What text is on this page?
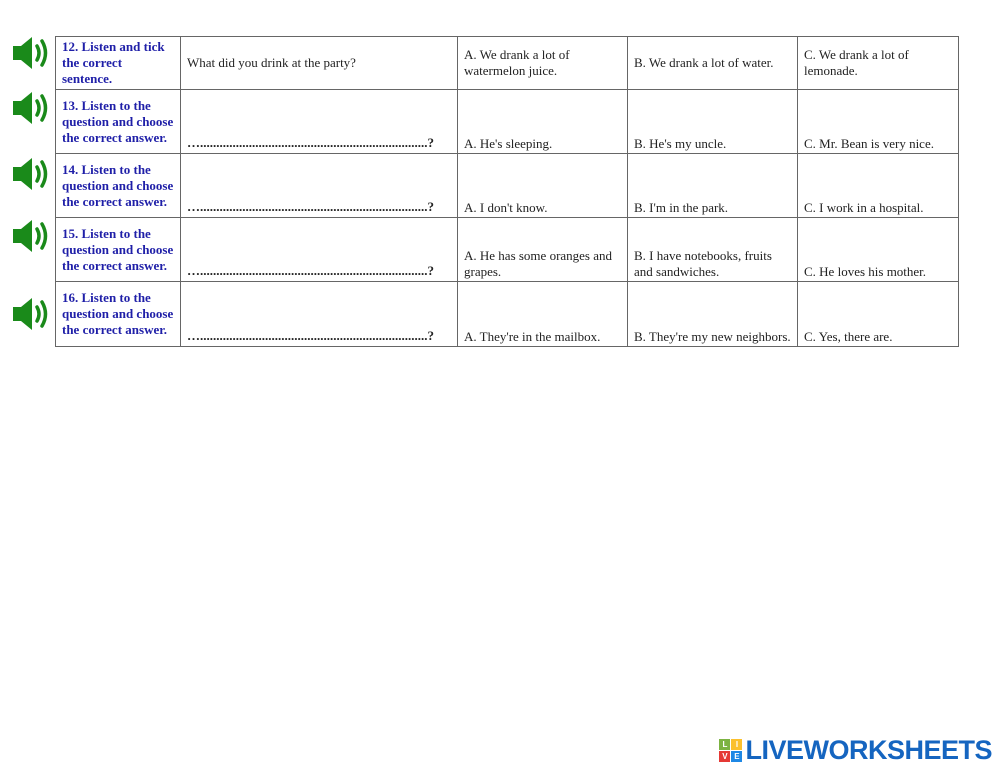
12. Listen and tick the correct sentence.	What did you drink at the party?	A. We drank a lot of watermelon juice.	B. We drank a lot of water.	C. We drank a lot of lemonade.
13. Listen to the question and choose the correct answer.	…......................................................................?	A. He's sleeping.	B. He's my uncle.	C. Mr. Bean is very nice.
14. Listen to the question and choose the correct answer.	…......................................................................?	A. I don't know.	B. I'm in the park.	C. I work in a hospital.
15. Listen to the question and choose the correct answer.	…......................................................................?	A. He has some oranges and grapes.	B. I have notebooks, fruits and sandwiches.	C. He loves his mother.
16. Listen to the question and choose the correct answer.	…......................................................................?	A. They're in the mailbox.	B. They're my new neighbors.	C. Yes, there are.
L	I
V E LIVEWORKSHEETS
